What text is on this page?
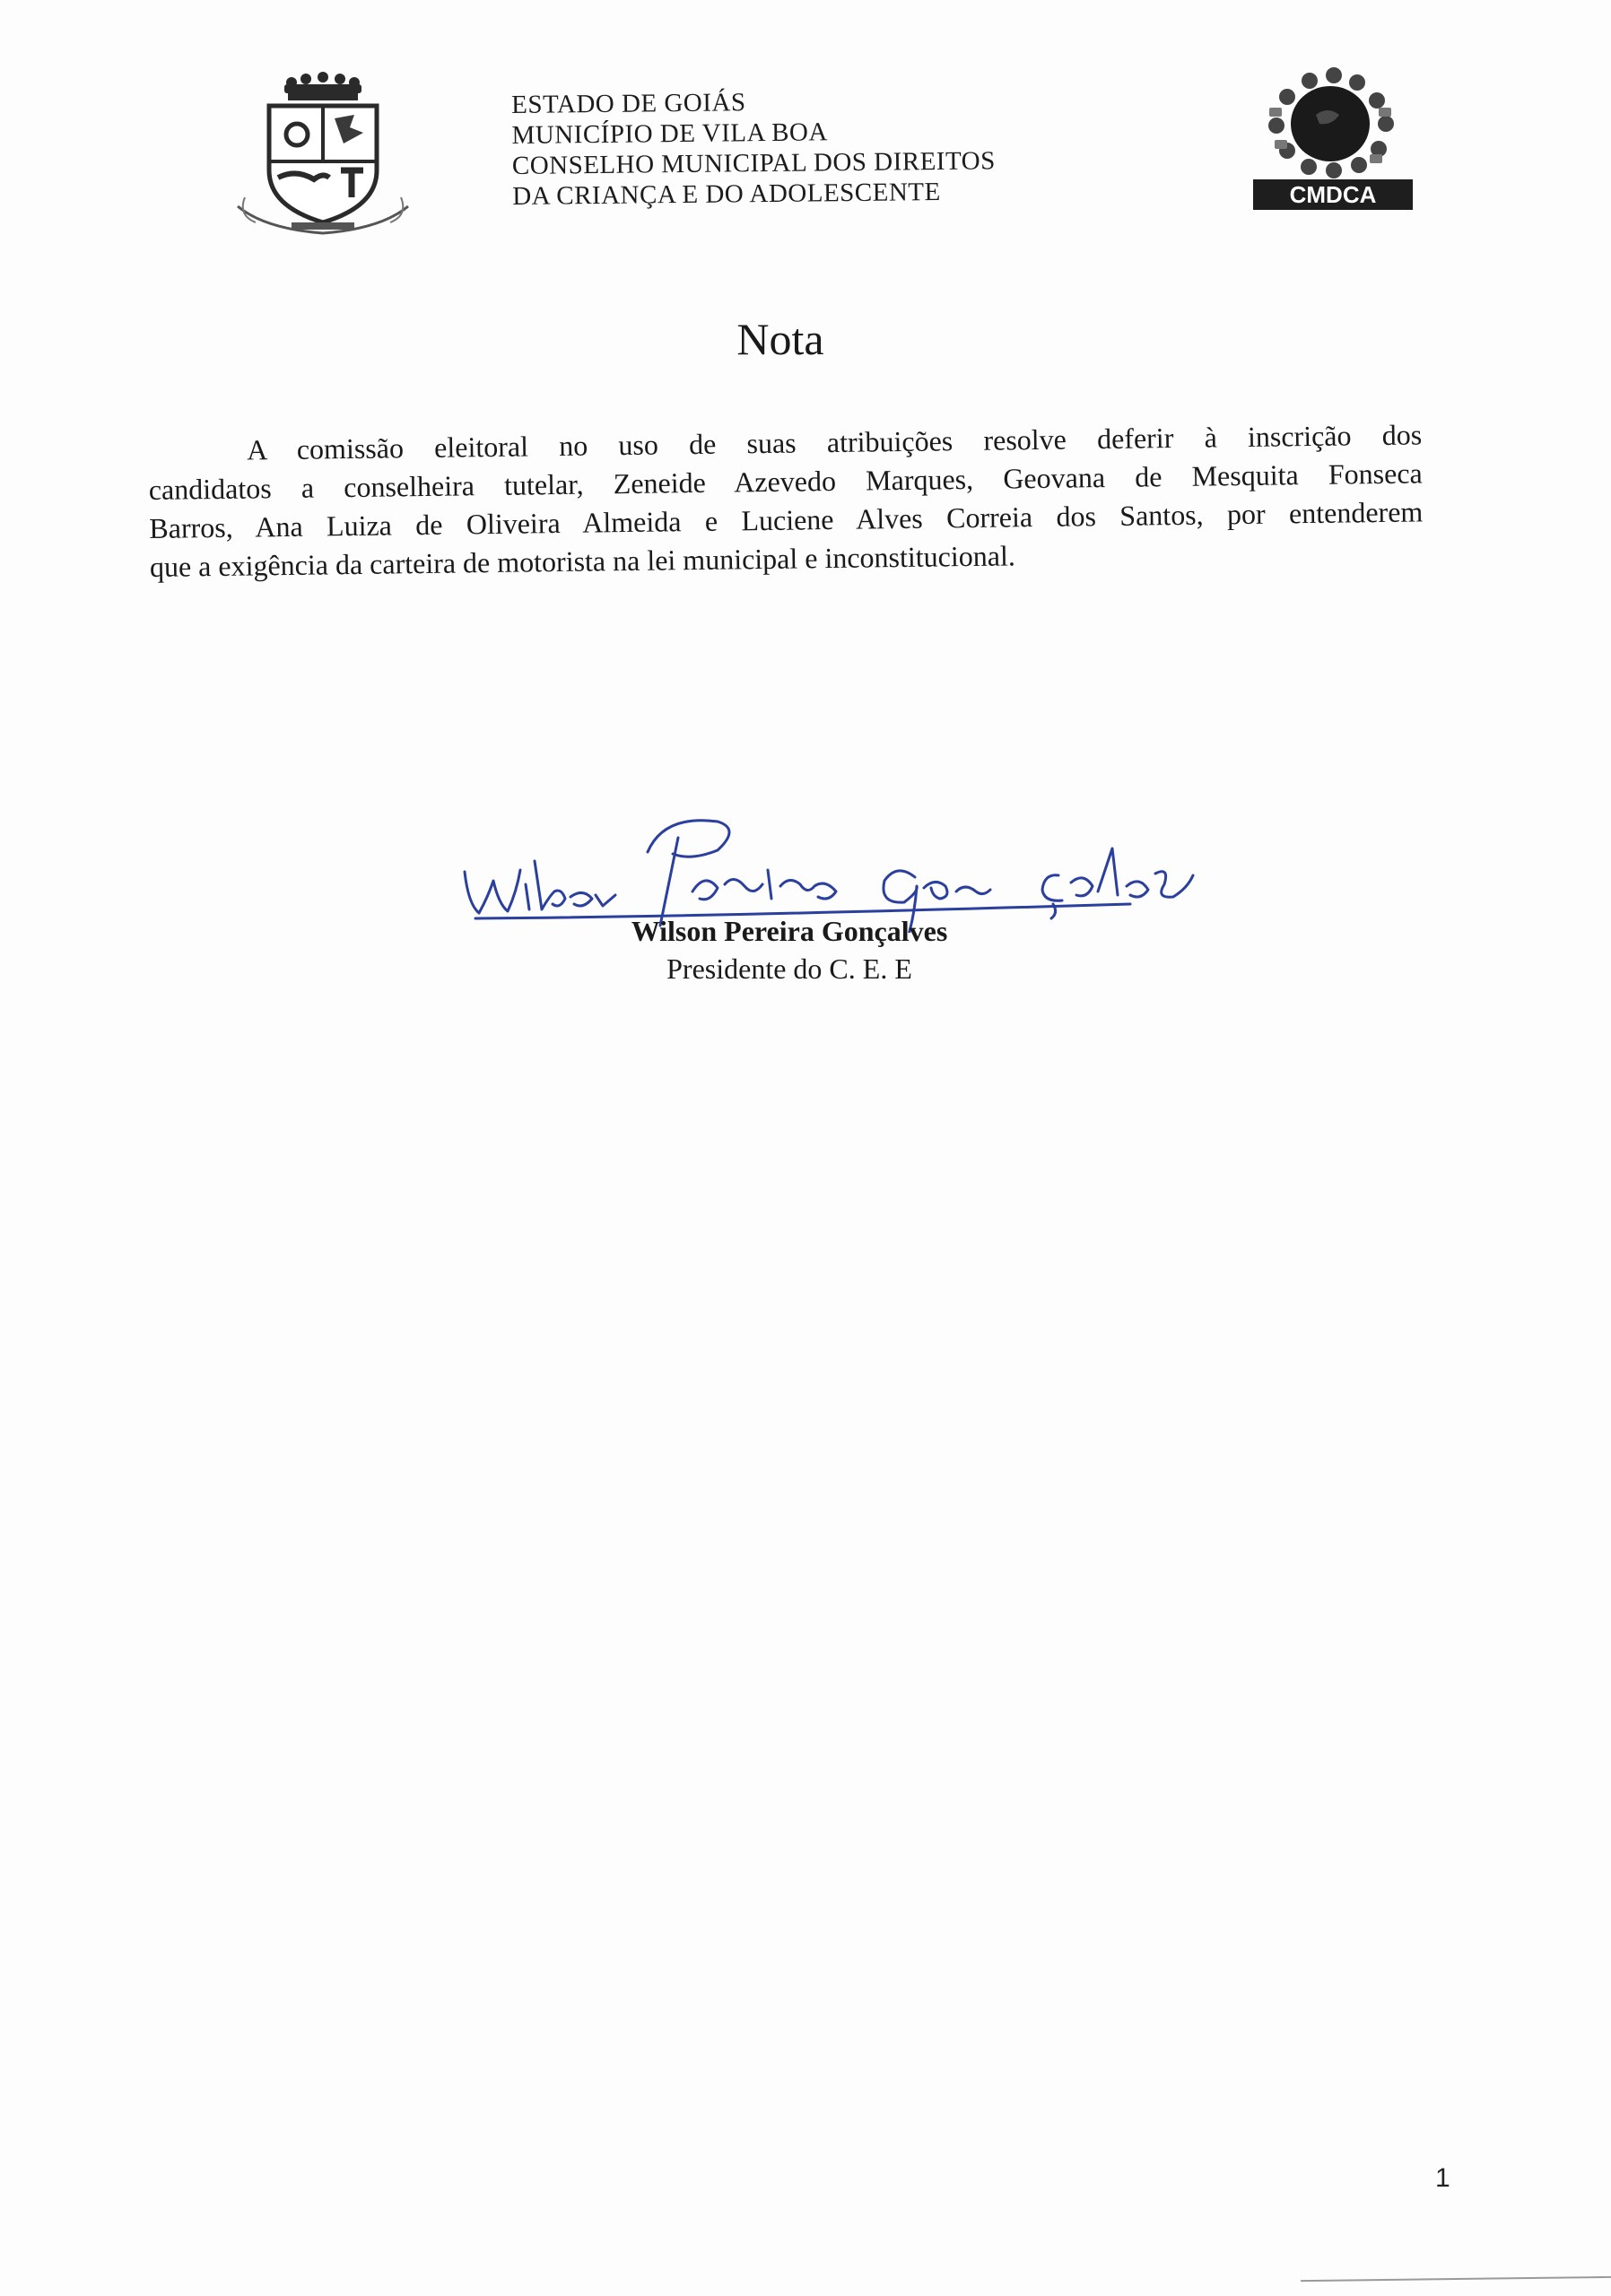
ESTADO DE GOIÁS
MUNICÍPIO DE VILA BOA
CONSELHO MUNICIPAL DOS DIREITOS
DA CRIANÇA E DO ADOLESCENTE	CMDCA
Nota
A comissão eleitoral no uso de suas atribuições resolve deferir à inscrição dos
candidatos a conselheira tutelar, Zeneide Azevedo Marques, Geovana de Mesquita Fonseca
Barros, Ana Luiza de Oliveira Almeida e Luciene Alves Correia dos Santos, por entenderem
que a exigência da carteira de motorista na lei municipal e inconstitucional.
Wilson Pereira Gonçalves
Presidente do C. E. E
1
